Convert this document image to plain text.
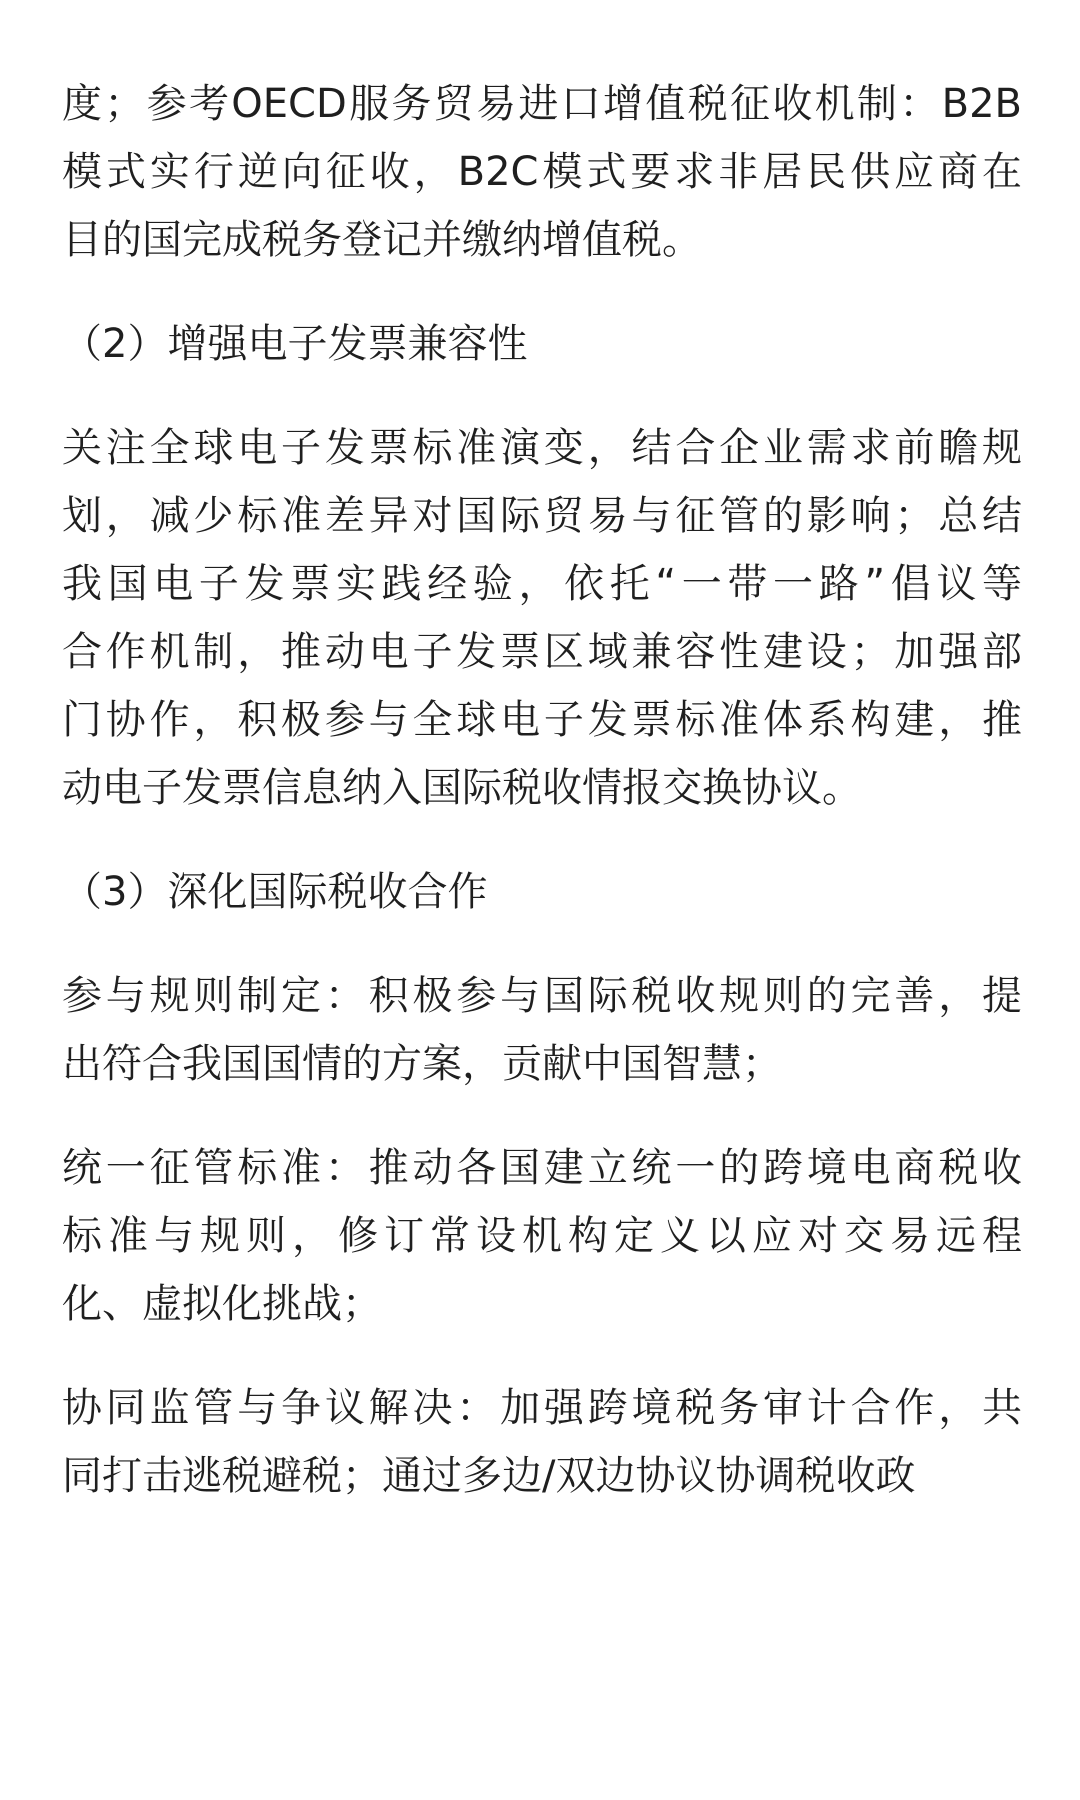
度；参考OECD服务贸易进口增值税征收机制：B2B

模式实行逆向征收，B2C模式要求非居民供应商在

目的国完成税务登记并缴纳增值税。

（2）增强电子发票兼容性

关注全球电子发票标准演变，结合企业需求前瞻规

划，减少标准差异对国际贸易与征管的影响；总结

我国电子发票实践经验，依托“一带一路”倡议等

合作机制，推动电子发票区域兼容性建设；加强部

门协作，积极参与全球电子发票标准体系构建，推

动电子发票信息纳入国际税收情报交换协议。

（3）深化国际税收合作

参与规则制定：积极参与国际税收规则的完善，提

出符合我国国情的方案，贡献中国智慧；

统一征管标准：推动各国建立统一的跨境电商税收

标准与规则，修订常设机构定义以应对交易远程

化、虚拟化挑战；

协同监管与争议解决：加强跨境税务审计合作，共

同打击逃税避税；通过多边/双边协议协调税收政
